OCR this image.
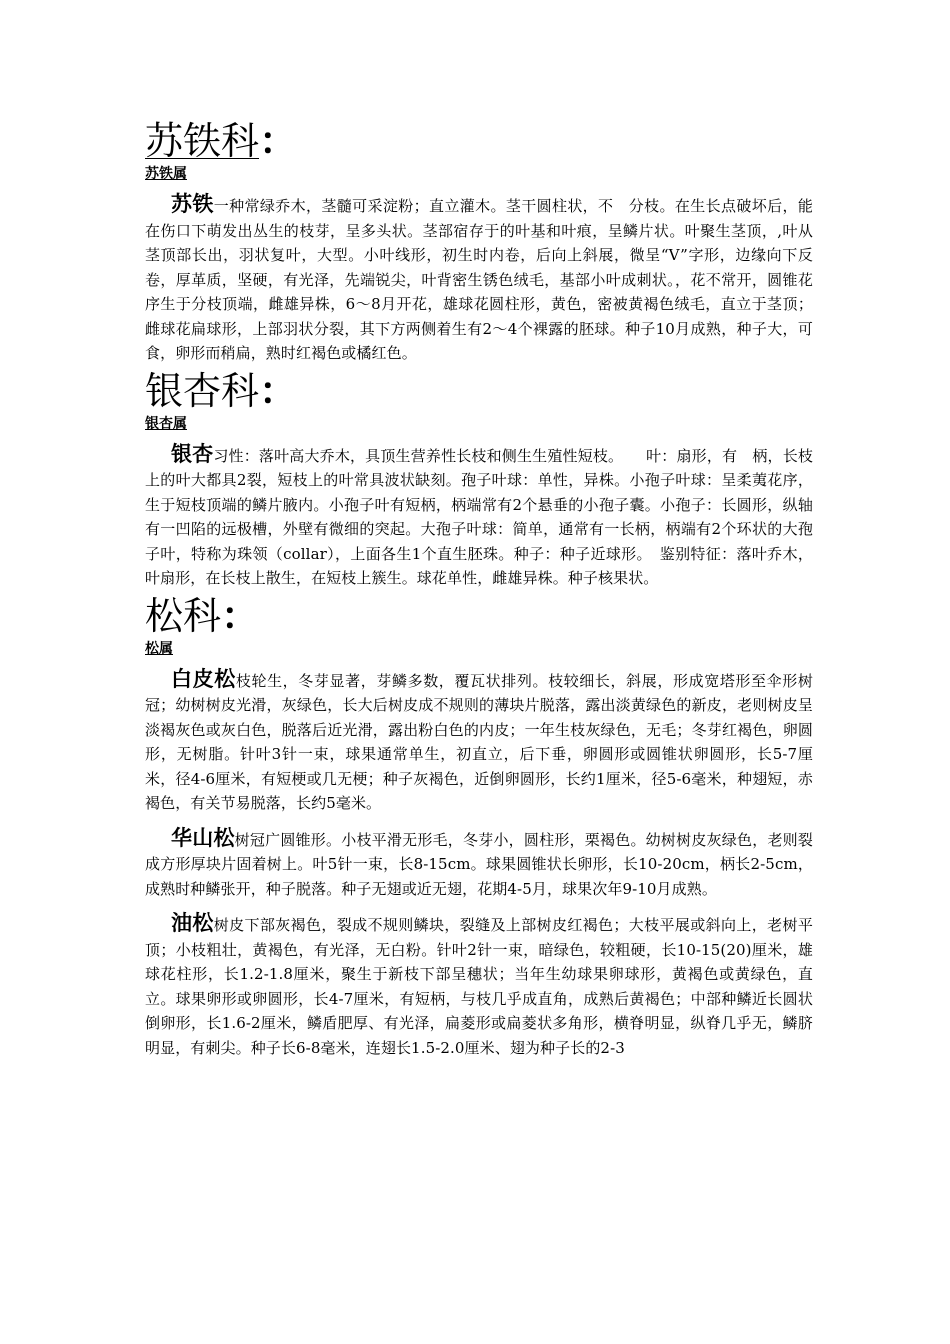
苏铁科：
苏铁属

苏铁一种常绿乔木，茎髓可采淀粉；直立灌木。茎干圆柱状，不　分枝。在生长点破坏后，能在伤口下萌发出丛生的枝芽，呈多头状。茎部宿存于的叶基和叶痕，呈鳞片状。叶聚生茎顶，,叶从茎顶部长出，羽状复叶，大型。小叶线形，初生时内卷，后向上斜展，微呈“V”字形，边缘向下反卷，厚革质，坚硬，有光泽，先端锐尖，叶背密生锈色绒毛，基部小叶成刺状。，花不常开，圆锥花序生于分枝顶端，雌雄异株，6～8月开花，雄球花圆柱形，黄色，密被黄褐色绒毛，直立于茎顶；雌球花扁球形，上部羽状分裂，其下方两侧着生有2～4个裸露的胚球。种子10月成熟，种子大，可食，卵形而稍扁，熟时红褐色或橘红色。

银杏科：
银杏属

银杏习性：落叶高大乔木，具顶生营养性长枝和侧生生殖性短枝。　　叶：扇形，有　柄，长枝上的叶大都具2裂，短枝上的叶常具波状缺刻。孢子叶球：单性，异株。小孢子叶球：呈柔荑花序，生于短枝顶端的鳞片腋内。小孢子叶有短柄，柄端常有2个悬垂的小孢子囊。小孢子：长圆形，纵轴有一凹陷的远极槽，外壁有微细的突起。大孢子叶球：简单，通常有一长柄，柄端有2个环状的大孢子叶，特称为珠领（collar），上面各生1个直生胚珠。种子：种子近球形。　鉴别特征：落叶乔木，叶扇形，在长枝上散生，在短枝上簇生。球花单性，雌雄异株。种子核果状。

松科：
松属

白皮松枝轮生，冬芽显著，芽鳞多数，覆瓦状排列。枝较细长，斜展，形成宽塔形至伞形树冠；幼树树皮光滑，灰绿色，长大后树皮成不规则的薄块片脱落，露出淡黄绿色的新皮，老则树皮呈淡褐灰色或灰白色，脱落后近光滑，露出粉白色的内皮；一年生枝灰绿色，无毛；冬芽红褐色，卵圆形，无树脂。针叶3针一束，球果通常单生，初直立，后下垂，卵圆形或圆锥状卵圆形，长5-7厘米，径4-6厘米，有短梗或几无梗；种子灰褐色，近倒卵圆形，长约1厘米，径5-6毫米，种翅短，赤褐色，有关节易脱落，长约5毫米。

华山松树冠广圆锥形。小枝平滑无形毛，冬芽小，圆柱形，栗褐色。幼树树皮灰绿色，老则裂成方形厚块片固着树上。叶5针一束，长8-15cm。球果圆锥状长卵形，长10-20cm，柄长2-5cm，成熟时种鳞张开，种子脱落。种子无翅或近无翅，花期4-5月，球果次年9-10月成熟。

油松树皮下部灰褐色，裂成不规则鳞块，裂缝及上部树皮红褐色；大枝平展或斜向上，老树平顶；小枝粗壮，黄褐色，有光泽，无白粉。针叶2针一束，暗绿色，较粗硬，长10-15(20)厘米，雄球花柱形，长1.2-1.8厘米，聚生于新枝下部呈穗状；当年生幼球果卵球形，黄褐色或黄绿色，直立。球果卵形或卵圆形，长4-7厘米，有短柄，与枝几乎成直角，成熟后黄褐色；中部种鳞近长圆状倒卵形，长1.6-2厘米，鳞盾肥厚、有光泽，扁菱形或扁菱状多角形，横脊明显，纵脊几乎无，鳞脐明显，有刺尖。种子长6-8毫米，连翅长1.5-2.0厘米、翅为种子长的2-3
